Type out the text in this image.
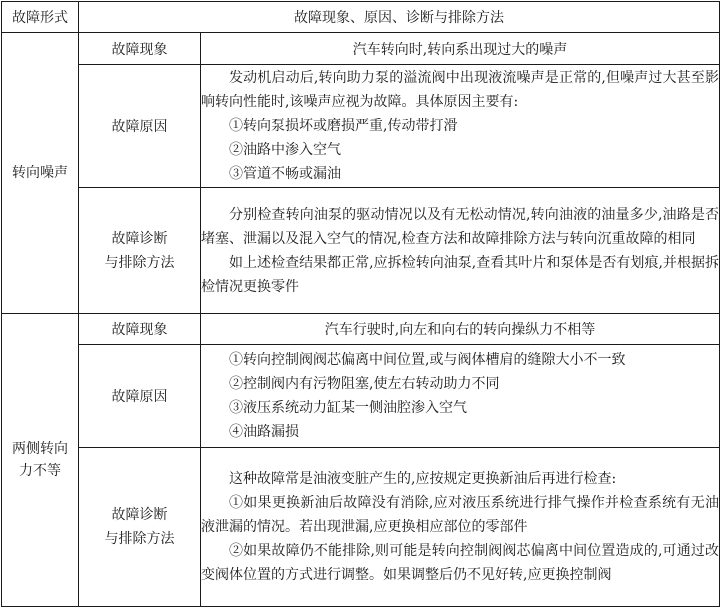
故障形式	故障现象、原因、诊断与排除方法	

转向噪声	故障现象	汽车转向时,转向系出现过大的噪声
	故障原因	发动机启动后,转向助力泵的溢流阀中出现液流噪声是正常的,但噪声过大甚至影响转向性能时,该噪声应视为故障。具体原因主要有:
①转向泵损坏或磨损严重,传动带打滑
②油路中渗入空气
③管道不畅或漏油

	故障诊断
与排除方法	分别检查转向油泵的驱动情况以及有无松动情况,转向油液的油量多少,油路是否堵塞、泄漏以及混入空气的情况,检查方法和故障排除方法与转向沉重故障的相同
如上述检查结果都正常,应拆检转向油泵,查看其叶片和泵体是否有划痕,并根据拆检情况更换零件

两侧转向
力不等	故障现象	汽车行驶时,向左和向右的转向操纵力不相等
	故障原因	①转向控制阀阀芯偏离中间位置,或与阀体槽肩的缝隙大小不一致
②控制阀内有污物阻塞,使左右转动助力不同
③液压系统动力缸某一侧油腔渗入空气
④油路漏损

	故障诊断
与排除方法	这种故障常是油液变脏产生的,应按规定更换新油后再进行检查:
①如果更换新油后故障没有消除,应对液压系统进行排气操作并检查系统有无油液泄漏的情况。若出现泄漏,应更换相应部位的零部件
②如果故障仍不能排除,则可能是转向控制阀阀芯偏离中间位置造成的,可通过改变阀体位置的方式进行调整。如果调整后仍不见好转,应更换控制阀
